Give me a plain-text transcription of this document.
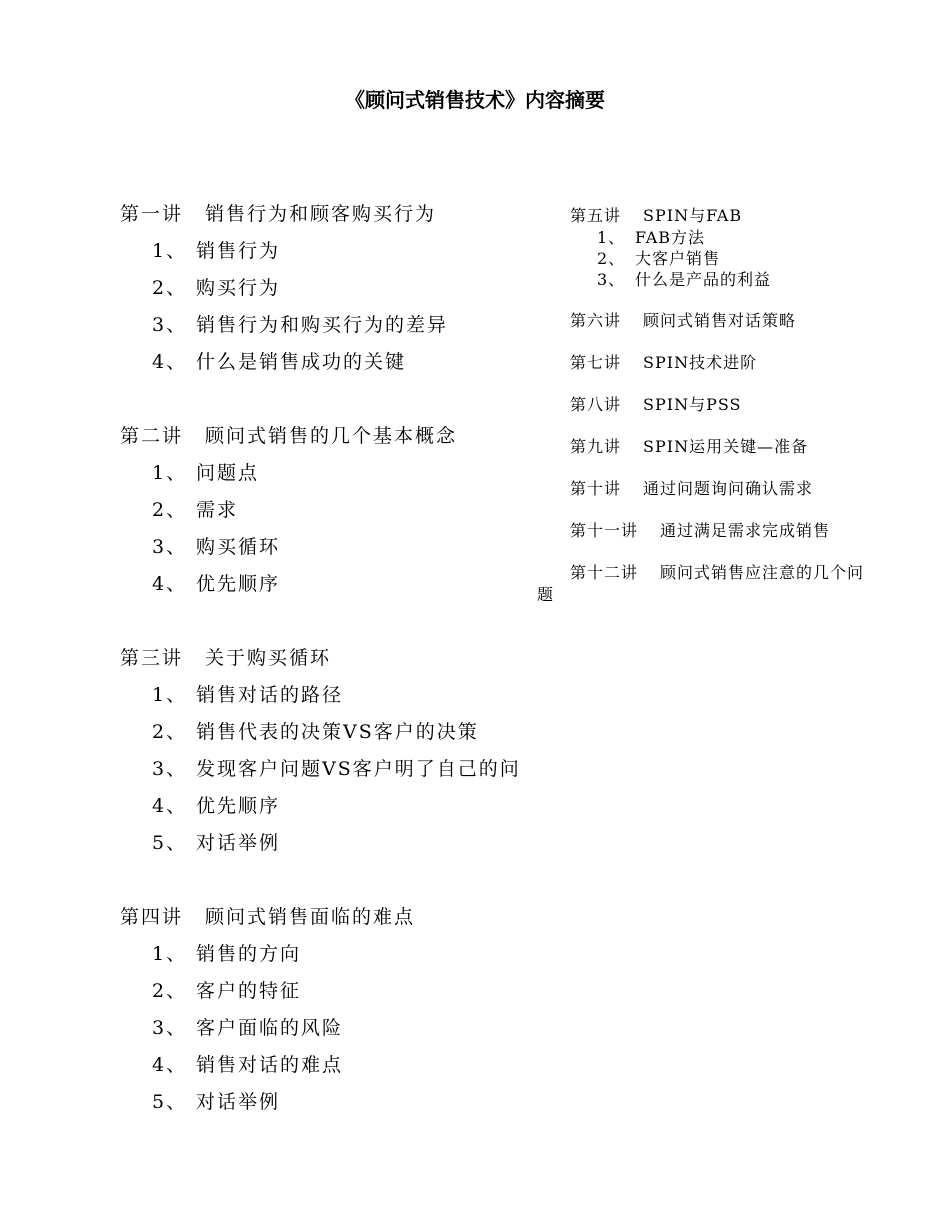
《顾问式销售技术》内容摘要
第一讲 销售行为和顾客购买行为
1、 销售行为
2、 购买行为
3、 销售行为和购买行为的差异
4、 什么是销售成功的关键
第二讲 顾问式销售的几个基本概念
1、 问题点
2、 需求
3、 购买循环
4、 优先顺序
第三讲 关于购买循环
1、 销售对话的路径
2、 销售代表的决策VS客户的决策
3、 发现客户问题VS客户明了自己的问
4、 优先顺序
5、 对话举例
第四讲 顾问式销售面临的难点
1、 销售的方向
2、 客户的特征
3、 客户面临的风险
4、 销售对话的难点
5、 对话举例
第五讲 SPIN与FAB
1、 FAB方法
2、 大客户销售
3、 什么是产品的利益
第六讲 顾问式销售对话策略
第七讲 SPIN技术进阶
第八讲 SPIN与PSS
第九讲 SPIN运用关键—准备
第十讲 通过问题询问确认需求
第十一讲 通过满足需求完成销售
第十二讲 顾问式销售应注意的几个问题
